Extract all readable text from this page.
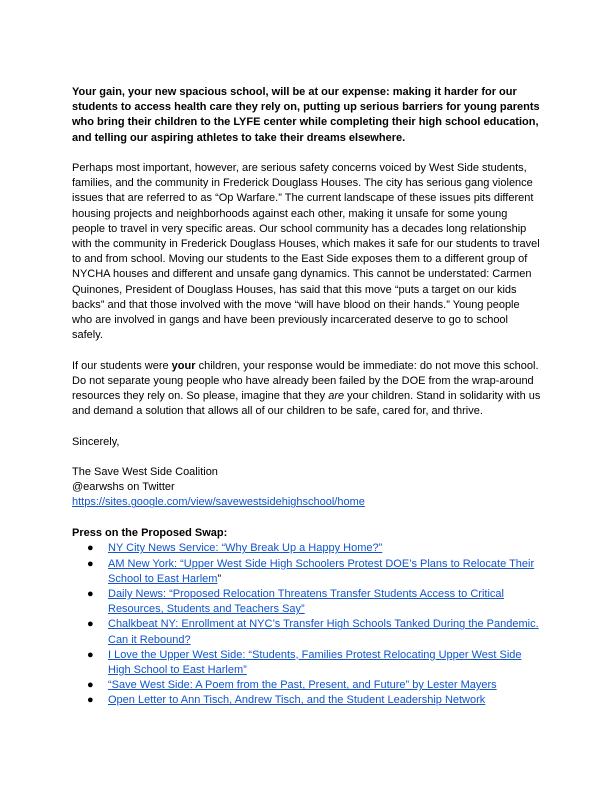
Your gain, your new spacious school, will be at our expense: making it harder for our students to access health care they rely on, putting up serious barriers for young parents who bring their children to the LYFE center while completing their high school education, and telling our aspiring athletes to take their dreams elsewhere.

Perhaps most important, however, are serious safety concerns voiced by West Side students, families, and the community in Frederick Douglass Houses. The city has serious gang violence issues that are referred to as “Op Warfare.” The current landscape of these issues pits different housing projects and neighborhoods against each other, making it unsafe for some young people to travel in very specific areas. Our school community has a decades long relationship with the community in Frederick Douglass Houses, which makes it safe for our students to travel to and from school. Moving our students to the East Side exposes them to a different group of NYCHA houses and different and unsafe gang dynamics. This cannot be understated: Carmen Quinones, President of Douglass Houses, has said that this move “puts a target on our kids backs” and that those involved with the move “will have blood on their hands.” Young people who are involved in gangs and have been previously incarcerated deserve to go to school safely.

If our students were your children, your response would be immediate: do not move this school. Do not separate young people who have already been failed by the DOE from the wrap-around resources they rely on. So please, imagine that they are your children. Stand in solidarity with us and demand a solution that allows all of our children to be safe, cared for, and thrive.

Sincerely,

The Save West Side Coalition

@earwshs on Twitter

https://sites.google.com/view/savewestsidehighschool/home

Press on the Proposed Swap:

● NY City News Service: “Why Break Up a Happy Home?”
● AM New York: “Upper West Side High Schoolers Protest DOE’s Plans to Relocate Their School to East Harlem”
● Daily News: “Proposed Relocation Threatens Transfer Students Access to Critical Resources, Students and Teachers Say”
● Chalkbeat NY: Enrollment at NYC’s Transfer High Schools Tanked During the Pandemic. Can it Rebound?
● I Love the Upper West Side: “Students, Families Protest Relocating Upper West Side High School to East Harlem”
● “Save West Side: A Poem from the Past, Present, and Future” by Lester Mayers
● Open Letter to Ann Tisch, Andrew Tisch, and the Student Leadership Network
